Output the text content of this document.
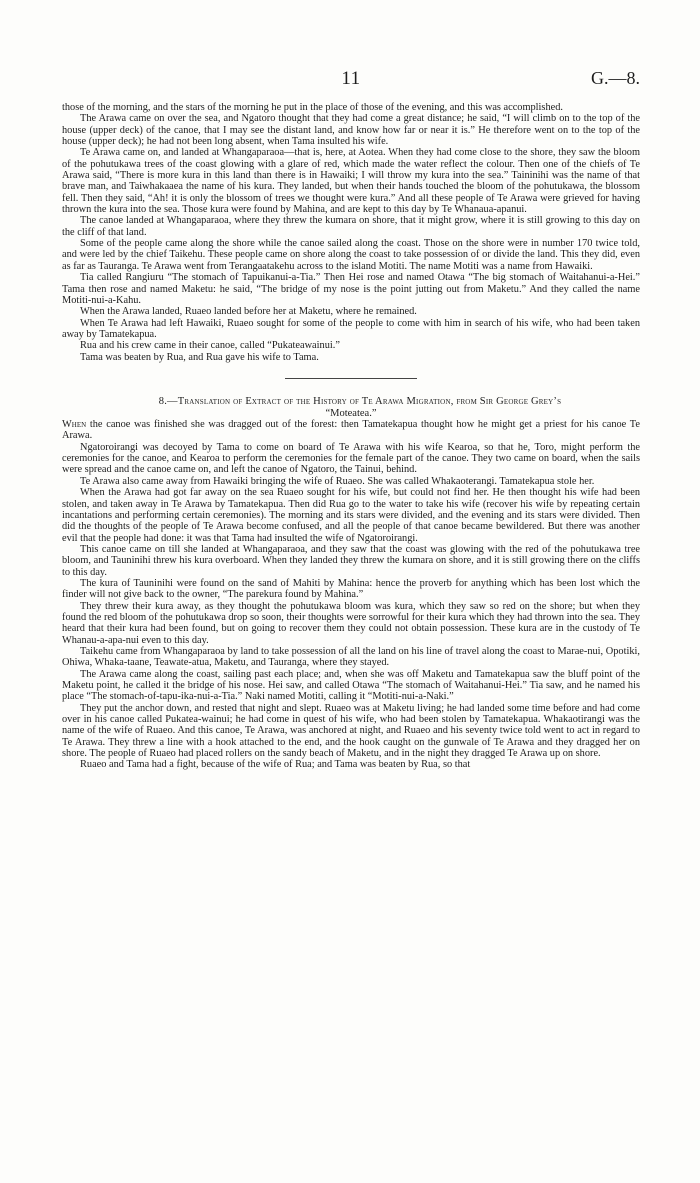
11	G.—8.

those of the morning, and the stars of the morning he put in the place of those of the evening, and this was accomplished.

The Arawa came on over the sea, and Ngatoro thought that they had come a great distance; he said, “I will climb on to the top of the house (upper deck) of the canoe, that I may see the distant land, and know how far or near it is.” He therefore went on to the top of the house (upper deck); he had not been long absent, when Tama insulted his wife.

Te Arawa came on, and landed at Whangaparaoa—that is, here, at Aotea. When they had come close to the shore, they saw the bloom of the pohutukawa trees of the coast glowing with a glare of red, which made the water reflect the colour. Then one of the chiefs of Te Arawa said, “There is more kura in this land than there is in Hawaiki; I will throw my kura into the sea.” Taininihi was the name of that brave man, and Taiwhakaaea the name of his kura. They landed, but when their hands touched the bloom of the pohutukawa, the blossom fell. Then they said, “Ah! it is only the blossom of trees we thought were kura.” And all these people of Te Arawa were grieved for having thrown the kura into the sea. Those kura were found by Mahina, and are kept to this day by Te Whanaua-apanui.

The canoe landed at Whangaparaoa, where they threw the kumara on shore, that it might grow, where it is still growing to this day on the cliff of that land.

Some of the people came along the shore while the canoe sailed along the coast. Those on the shore were in number 170 twice told, and were led by the chief Taikehu. These people came on shore along the coast to take possession of or divide the land. This they did, even as far as Tauranga. Te Arawa went from Terangaatakehu across to the island Motiti. The name Motiti was a name from Hawaiki.

Tia called Rangiuru “The stomach of Tapuikanui-a-Tia.” Then Hei rose and named Otawa “The big stomach of Waitahanui-a-Hei.” Tama then rose and named Maketu: he said, “The bridge of my nose is the point jutting out from Maketu.” And they called the name Motiti-nui-a-Kahu.

When the Arawa landed, Ruaeo landed before her at Maketu, where he remained.

When Te Arawa had left Hawaiki, Ruaeo sought for some of the people to come with him in search of his wife, who had been taken away by Tamatekapua.

Rua and his crew came in their canoe, called “Pukateawainui.”

Tama was beaten by Rua, and Rua gave his wife to Tama.

8.—Translation of Extract of the History of Te Arawa Migration, from Sir George Grey’s
“Moteatea.”

When the canoe was finished she was dragged out of the forest: then Tamatekapua thought how he might get a priest for his canoe Te Arawa.

Ngatoroirangi was decoyed by Tama to come on board of Te Arawa with his wife Kearoa, so that he, Toro, might perform the ceremonies for the canoe, and Kearoa to perform the ceremonies for the female part of the canoe. They two came on board, when the sails were spread and the canoe came on, and left the canoe of Ngatoro, the Tainui, behind.

Te Arawa also came away from Hawaiki bringing the wife of Ruaeo. She was called Whakaoterangi. Tamatekapua stole her.

When the Arawa had got far away on the sea Ruaeo sought for his wife, but could not find her. He then thought his wife had been stolen, and taken away in Te Arawa by Tamatekapua. Then did Rua go to the water to take his wife (recover his wife by repeating certain incantations and performing certain ceremonies). The morning and its stars were divided, and the evening and its stars were divided. Then did the thoughts of the people of Te Arawa become confused, and all the people of that canoe became bewildered. But there was another evil that the people had done: it was that Tama had insulted the wife of Ngatoroirangi.

This canoe came on till she landed at Whangaparaoa, and they saw that the coast was glowing with the red of the pohutukawa tree bloom, and Tauninihi threw his kura overboard. When they landed they threw the kumara on shore, and it is still growing there on the cliffs to this day.

The kura of Tauninihi were found on the sand of Mahiti by Mahina: hence the proverb for anything which has been lost which the finder will not give back to the owner, “The parekura found by Mahina.”

They threw their kura away, as they thought the pohutukawa bloom was kura, which they saw so red on the shore; but when they found the red bloom of the pohutukawa drop so soon, their thoughts were sorrowful for their kura which they had thrown into the sea. They heard that their kura had been found, but on going to recover them they could not obtain possession. These kura are in the custody of Te Whanau-a-apa-nui even to this day.

Taikehu came from Whangaparaoa by land to take possession of all the land on his line of travel along the coast to Marae-nui, Opotiki, Ohiwa, Whaka-taane, Teawate-atua, Maketu, and Tauranga, where they stayed.

The Arawa came along the coast, sailing past each place; and, when she was off Maketu and Tamatekapua saw the bluff point of the Maketu point, he called it the bridge of his nose. Hei saw, and called Otawa “The stomach of Waitahanui-Hei.” Tia saw, and he named his place “The stomach-of-tapu-ika-nui-a-Tia.” Naki named Motiti, calling it “Motiti-nui-a-Naki.”

They put the anchor down, and rested that night and slept. Ruaeo was at Maketu living; he had landed some time before and had come over in his canoe called Pukatea-wainui; he had come in quest of his wife, who had been stolen by Tamatekapua. Whakaotirangi was the name of the wife of Ruaeo. And this canoe, Te Arawa, was anchored at night, and Ruaeo and his seventy twice told went to act in regard to Te Arawa. They threw a line with a hook attached to the end, and the hook caught on the gunwale of Te Arawa and they dragged her on shore. The people of Ruaeo had placed rollers on the sandy beach of Maketu, and in the night they dragged Te Arawa up on shore.

Ruaeo and Tama had a fight, because of the wife of Rua; and Tama was beaten by Rua, so that
